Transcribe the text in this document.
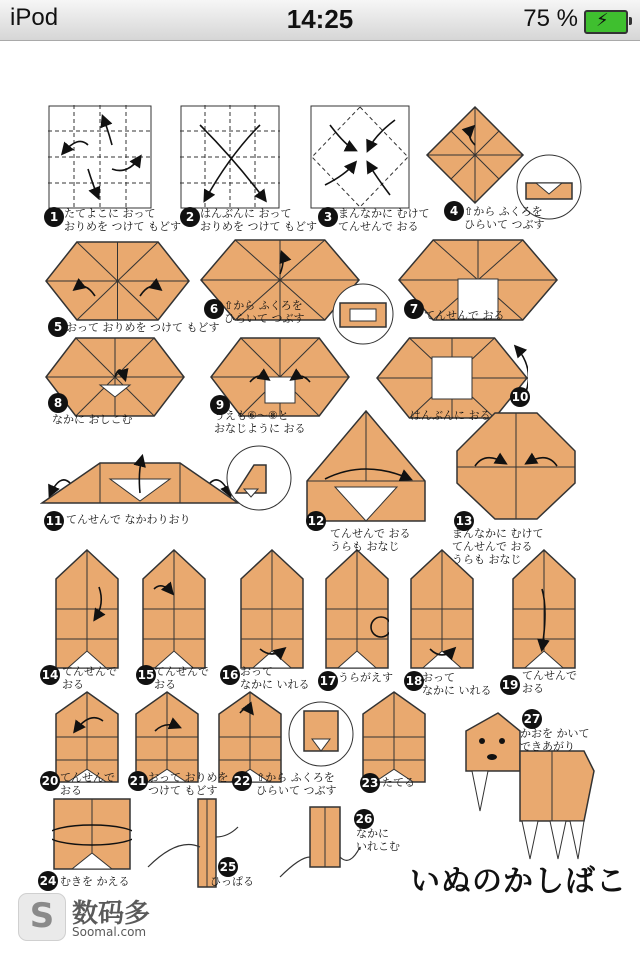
iPod	14:25	75 % ⚡
いぬのかしばこ
S
数码多
Soomal.com
1 たてよこに おって
おりめを つけて もどす
2 はんぶんに おって
おりめを つけて もどす
3 まんなかに むけて
てんせんで おる
4 ⇧から ふくろを
ひらいて つぶす
5 おって おりめを つけて もどす
6 ⇧から ふくろを
ひらいて つぶす
7 てんせんで おる
8
なかに おしこむ
9
うえも⑥〜⑧と
おなじように おる
10
はんぶんに おる
11 てんせんで なかわりおり	12
てんせんで おる
うらも おなじ
13
まんなかに むけて
てんせんで おる
うらも おなじ
14 てんせんで
おる
15 てんせんで
おる
16 おって
なかに いれる 17 うらがえす 18 おって
なかに いれる 19
てんせんで
おる
20 てんせんで
おる
21 おって おりめを
つけて もどす
22 ⇧から ふくろを
ひらいて つぶす
23 たてる
24 むきを かえる
25
ひっぱる
26
なかに
いれこむ
27
かおを かいて
できあがり
